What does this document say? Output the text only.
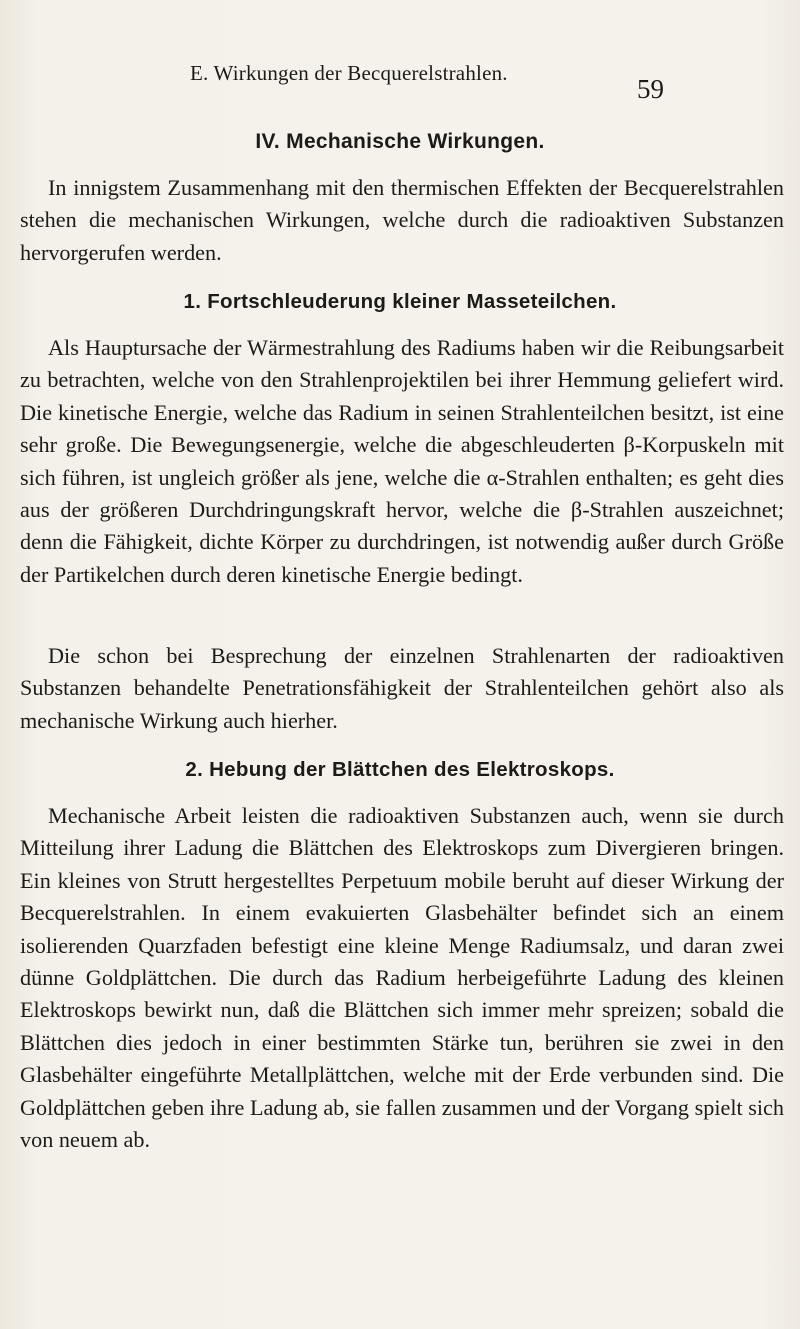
E. Wirkungen der Becquerelstrahlen.
59
IV. Mechanische Wirkungen.

In innigstem Zusammenhang mit den thermischen Effekten der Becquerelstrahlen stehen die mechanischen Wirkungen, welche durch die radioaktiven Substanzen hervorgerufen werden.

1. Fortschleuderung kleiner Masseteilchen.

Als Hauptursache der Wärmestrahlung des Radiums haben wir die Reibungsarbeit zu betrachten, welche von den Strahlenprojektilen bei ihrer Hemmung geliefert wird. Die kinetische Energie, welche das Radium in seinen Strahlenteilchen besitzt, ist eine sehr große. Die Bewegungsenergie, welche die abgeschleuderten β-Korpuskeln mit sich führen, ist ungleich größer als jene, welche die α-Strahlen enthalten; es geht dies aus der größeren Durchdringungskraft hervor, welche die β-Strahlen auszeichnet; denn die Fähigkeit, dichte Körper zu durchdringen, ist notwendig außer durch Größe der Partikelchen durch deren kinetische Energie bedingt.

Die schon bei Besprechung der einzelnen Strahlenarten der radioaktiven Substanzen behandelte Penetrationsfähigkeit der Strahlenteilchen gehört also als mechanische Wirkung auch hierher.

2. Hebung der Blättchen des Elektroskops.

Mechanische Arbeit leisten die radioaktiven Substanzen auch, wenn sie durch Mitteilung ihrer Ladung die Blättchen des Elektroskops zum Divergieren bringen. Ein kleines von Strutt hergestelltes Perpetuum mobile beruht auf dieser Wirkung der Becquerelstrahlen. In einem evakuierten Glasbehälter befindet sich an einem isolierenden Quarzfaden befestigt eine kleine Menge Radiumsalz, und daran zwei dünne Goldplättchen. Die durch das Radium herbeigeführte Ladung des kleinen Elektroskops bewirkt nun, daß die Blättchen sich immer mehr spreizen; sobald die Blättchen dies jedoch in einer bestimmten Stärke tun, berühren sie zwei in den Glasbehälter eingeführte Metallplättchen, welche mit der Erde verbunden sind. Die Goldplättchen geben ihre Ladung ab, sie fallen zusammen und der Vorgang spielt sich von neuem ab.
